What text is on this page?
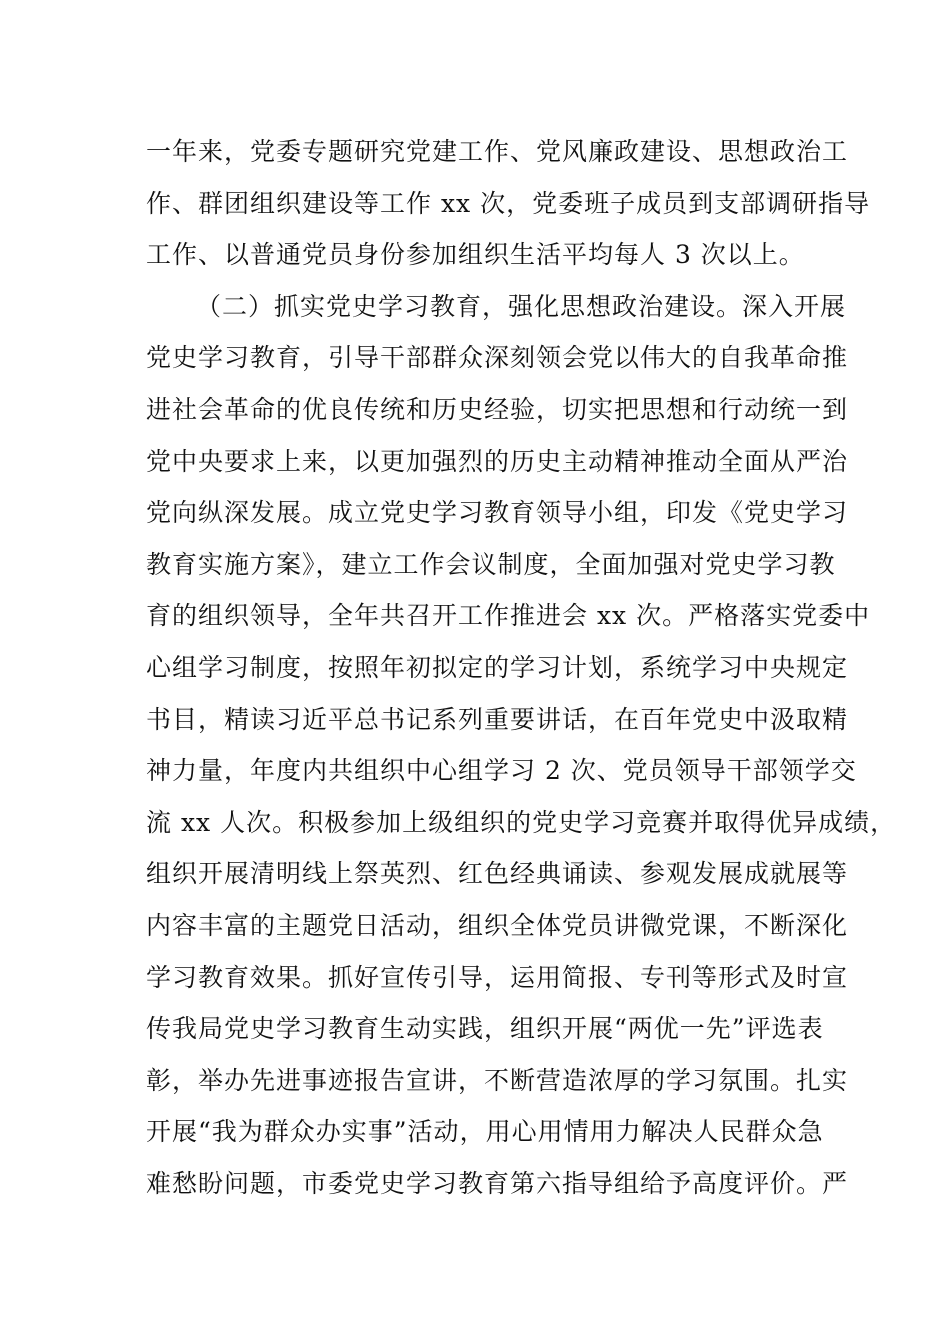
一年来，党委专题研究党建工作、党风廉政建设、思想政治工
作、群团组织建设等工作 xx 次，党委班子成员到支部调研指导
工作、以普通党员身份参加组织生活平均每人 3 次以上。
（二）抓实党史学习教育，强化思想政治建设。深入开展
党史学习教育，引导干部群众深刻领会党以伟大的自我革命推
进社会革命的优良传统和历史经验，切实把思想和行动统一到
党中央要求上来，以更加强烈的历史主动精神推动全面从严治
党向纵深发展。成立党史学习教育领导小组，印发《党史学习
教育实施方案》，建立工作会议制度，全面加强对党史学习教
育的组织领导，全年共召开工作推进会 xx 次。严格落实党委中
心组学习制度，按照年初拟定的学习计划，系统学习中央规定
书目，精读习近平总书记系列重要讲话，在百年党史中汲取精
神力量，年度内共组织中心组学习 2 次、党员领导干部领学交
流 xx 人次。积极参加上级组织的党史学习竞赛并取得优异成绩，
组织开展清明线上祭英烈、红色经典诵读、参观发展成就展等
内容丰富的主题党日活动，组织全体党员讲微党课，不断深化
学习教育效果。抓好宣传引导，运用简报、专刊等形式及时宣
传我局党史学习教育生动实践，组织开展“两优一先”评选表
彰，举办先进事迹报告宣讲，不断营造浓厚的学习氛围。扎实
开展“我为群众办实事”活动，用心用情用力解决人民群众急
难愁盼问题，市委党史学习教育第六指导组给予高度评价。严
